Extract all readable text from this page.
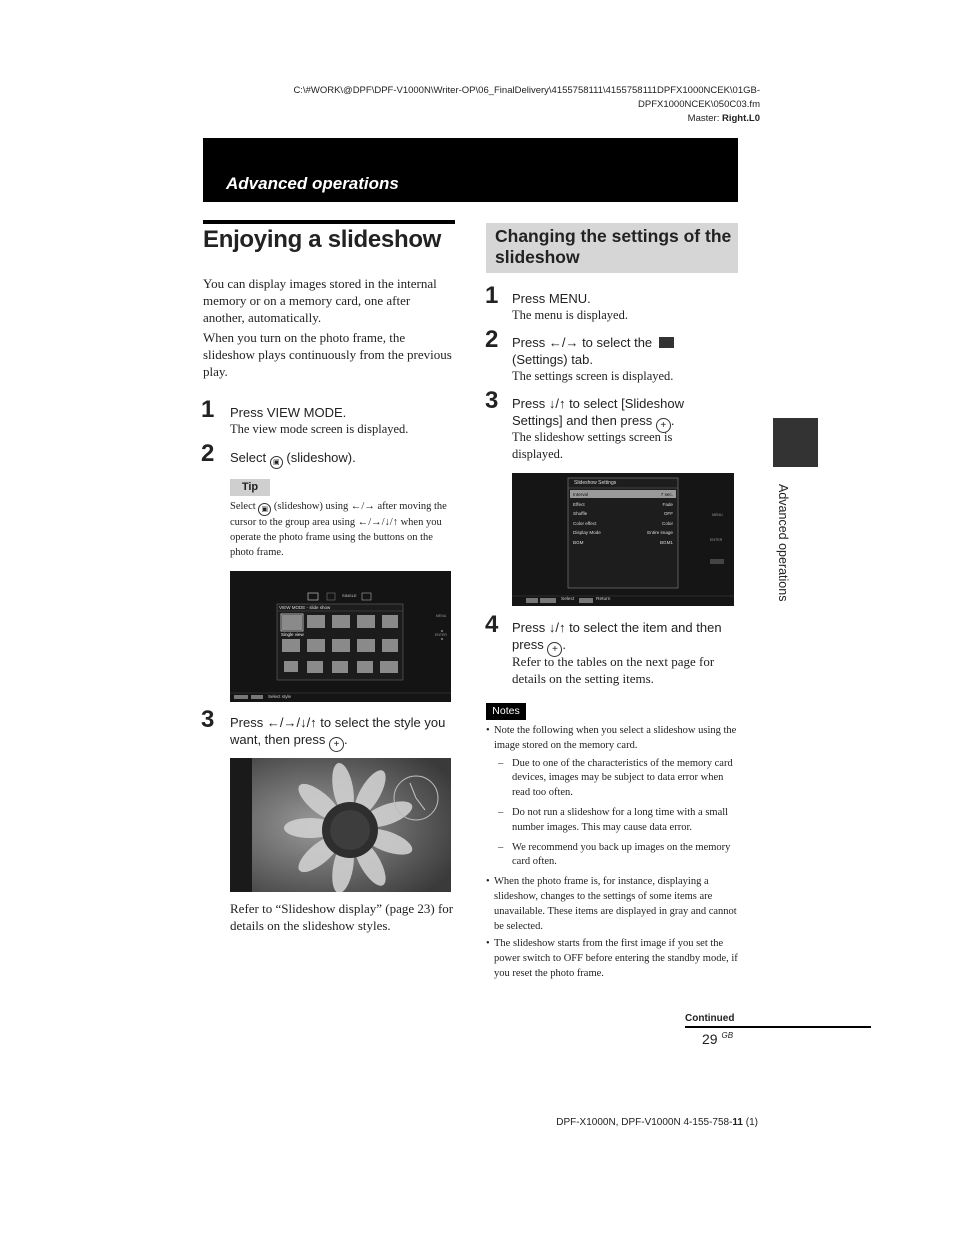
C:\#WORK\@DPF\DPF-V1000N\Writer-OP\06_FinalDelivery\4155758111\4155758111DPFX1000NCEK\01GB-
DPFX1000NCEK\050C03.fm
Master: Right.L0
Advanced operations
Enjoying a slideshow
You can display images stored in the internal memory or on a memory card, one after another, automatically.
When you turn on the photo frame, the slideshow plays continuously from the previous play.
1 Press VIEW MODE.
The view mode screen is displayed.
2 Select ▣ (slideshow).
Tip
Select ▣ (slideshow) using ←/→ after moving the cursor to the group area using ←/→/↓/↑ when you operate the photo frame using the buttons on the photo frame.
SINGLE
VIEW MODE - slide show
Single view
MENU
ENTER
Select style
3 Press ←/→/↓/↑ to select the style you want, then press + .
Refer to “Slideshow display” (page 23) for details on the slideshow styles.
Changing the settings of the
slideshow
1 Press MENU.
The menu is displayed.
2 Press ←/→ to select the
(Settings) tab.
The settings screen is displayed.
3 Press ↓/↑ to select [Slideshow Settings] and then press + .
The slideshow settings screen is displayed.
Slideshow Settings
Interval	7 sec.
Effect	Fade
Shuffle	OFF
Color effect	Color
Display Mode	Entire image
BGM	BGM1
MENU
ENTER
Select	Return
4 Press ↓/↑ to select the item and then press + .
Refer to the tables on the next page for details on the setting items.
Notes
• Note the following when you select a slideshow using the image stored on the memory card.
– Due to one of the characteristics of the memory card devices, images may be subject to data error when read too often.
– Do not run a slideshow for a long time with a small number images. This may cause data error.
– We recommend you back up images on the memory card often.
• When the photo frame is, for instance, displaying a slideshow, changes to the settings of some items are unavailable. These items are displayed in gray and cannot be selected.
• The slideshow starts from the first image if you set the power switch to OFF before entering the standby mode, if you reset the photo frame.
Advanced operations
Continued
29 $^{GB}$
DPF-X1000N, DPF-V1000N 4-155-758-11 (1)
